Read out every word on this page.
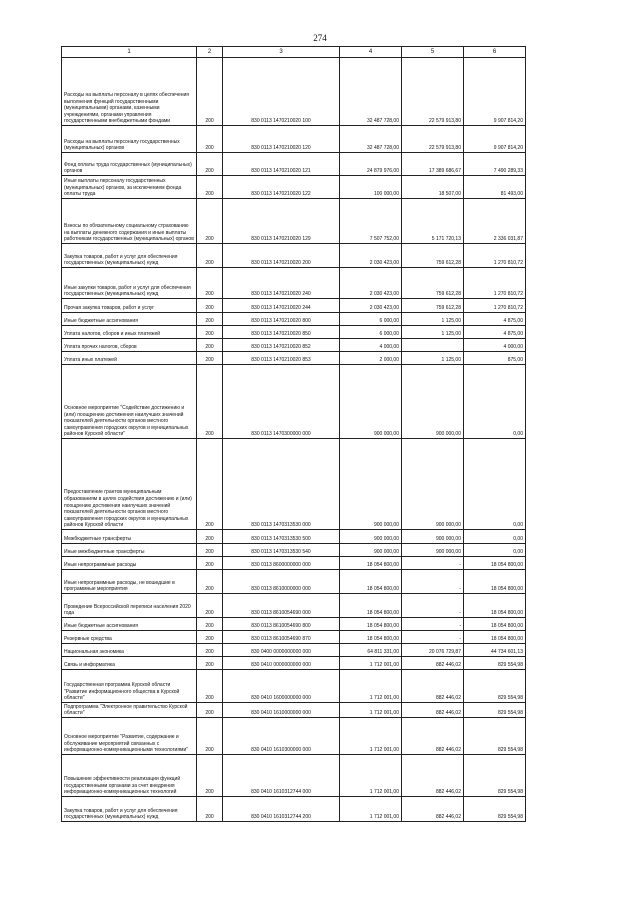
274
1	2	3	4	5	6
Расходы на выплаты персоналу в целях обеспечения выполнения функций государственными (муниципальными) органами, казенными учреждениями, органами управления государственными внебюджетными фондами	200	830 0113 1470210020 100	32 487 728,00	22 579 913,80	9 907 814,20
Расходы на выплаты персоналу государственных (муниципальных) органов	200	830 0113 1470210020 120	32 487 728,00	22 579 913,80	9 907 814,20
Фонд оплаты труда государственных (муниципальных) органов	200	830 0113 1470210020 121	24 879 976,00	17 389 686,67	7 490 289,33
Иные выплаты персоналу государственных (муниципальных) органов, за исключением фонда оплаты труда	200	830 0113 1470210020 122	100 000,00	18 507,00	81 493,00
Взносы по обязательному социальному страхованию на выплаты денежного содержания и иные выплаты работникам государственных (муниципальных) органов	200	830 0113 1470210020 129	7 507 752,00	5 171 720,13	2 336 031,87
Закупка товаров, работ и услуг для обеспечения государственных (муниципальных) нужд	200	830 0113 1470210020 200	2 030 423,00	759 612,28	1 270 810,72
Иные закупки товаров, работ и услуг для обеспечения государственных (муниципальных) нужд	200	830 0113 1470210020 240	2 030 423,00	759 612,28	1 270 810,72
Прочая закупка товаров, работ и услуг	200	830 0113 1470210020 244	2 030 423,00	759 612,28	1 270 810,72
Иные бюджетные ассигнования	200	830 0113 1470210020 800	6 000,00	1 125,00	4 875,00
Уплата налогов, сборов и иных платежей	200	830 0113 1470210020 850	6 000,00	1 125,00	4 875,00
Уплата прочих налогов, сборов	200	830 0113 1470210020 852	4 000,00		4 000,00
Уплата иных платежей	200	830 0113 1470210020 853	2 000,00	1 125,00	875,00
Основное мероприятие "Содействие достижению и (или) поощрению достижения наилучших значений показателей деятельности органов местного самоуправления городских округов и муниципальных районов Курской области"	200	830 0113 1470300000 000	900 000,00	900 000,00	0,00
Предоставление грантов муниципальным образованиям в целях содействия достижению и (или) поощрению достижения наилучших значений показателей деятельности органов местного самоуправления городских округов и муниципальных районов Курской области	200	830 0113 1470313530 000	900 000,00	900 000,00	0,00
Межбюджетные трансферты	200	830 0113 1470313530 500	900 000,00	900 000,00	0,00
Иные межбюджетные трансферты	200	830 0113 1470313530 540	900 000,00	900 000,00	0,00
Иные непрограммные расходы	200	830 0113 8600000000 000	18 054 800,00	-	18 054 800,00
Иные непрограммные расходы, не вошедшие в программные мероприятия	200	830 0113 8610000000 000	18 054 800,00	-	18 054 800,00
Проведение Всероссийской переписи населения 2020 года	200	830 0113 8610054690 000	18 054 800,00	-	18 054 800,00
Иные бюджетные ассигнования	200	830 0113 8610054690 800	18 054 800,00	-	18 054 800,00
Резервные средства	200	830 0113 8610054690 870	18 054 800,00	-	18 054 800,00
Национальная экономика	200	830 0400 0000000000 000	64 811 331,00	20 076 729,87	44 734 601,13
Связь и информатика	200	830 0410 0000000000 000	1 712 001,00	882 446,02	829 554,98
Государственная программа Курской области "Развитие информационного общества в Курской области"	200	830 0410 1600000000 000	1 712 001,00	882 446,02	829 554,98
Подпрограмма "Электронное правительство Курской области"	200	830 0410 1610000000 000	1 712 001,00	882 446,02	829 554,98
Основное мероприятие "Развитие, содержание и обслуживание мероприятий связанных с информационно-коммуникационными технологиями"	200	830 0410 1610300000 000	1 712 001,00	882 446,02	829 554,98
Повышение эффективности реализации функций государственными органами за счет внедрения информационно-коммуникационных технологий	200	830 0410 1610312744 000	1 712 001,00	882 446,02	829 554,98
Закупка товаров, работ и услуг для обеспечения государственных (муниципальных) нужд	200	830 0410 1610312744 200	1 712 001,00	882 446,02	829 554,98
